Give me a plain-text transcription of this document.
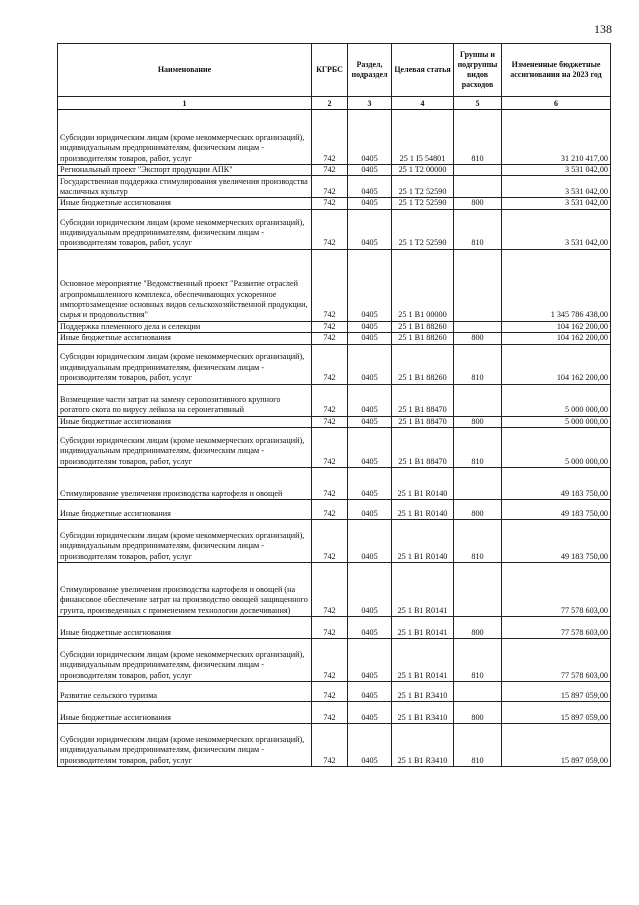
138
Наименование	КГРБС	Раздел, подраздел	Целевая статья	Группы и подгруппы видов расходов	Измененные бюджетные ассигнования на 2023 год
1	2	3	4	5	6
Субсидии юридическим лицам (кроме некоммерческих организаций), индивидуальным предпринимателям, физическим лицам - производителям товаров, работ, услуг	742	0405	25 1 I5 54801	810	31 210 417,00
Региональный проект "Экспорт продукции АПК"	742	0405	25 1 T2 00000		3 531 042,00
Государственная поддержка стимулирования увеличения производства масличных культур	742	0405	25 1 T2 52590		3 531 042,00
Иные бюджетные ассигнования	742	0405	25 1 T2 52590	800	3 531 042,00
Субсидии юридическим лицам (кроме некоммерческих организаций), индивидуальным предпринимателям, физическим лицам - производителям товаров, работ, услуг	742	0405	25 1 T2 52590	810	3 531 042,00
Основное мероприятие "Ведомственный проект "Развитие отраслей агропромышленного комплекса, обеспечивающих ускоренное импортозамещение основных видов сельскохозяйственной продукции, сырья и продовольствия"	742	0405	25 1 B1 00000		1 345 786 438,00
Поддержка племенного дела и селекции	742	0405	25 1 B1 88260		104 162 200,00
Иные бюджетные ассигнования	742	0405	25 1 B1 88260	800	104 162 200,00
Субсидии юридическим лицам (кроме некоммерческих организаций), индивидуальным предпринимателям, физическим лицам - производителям товаров, работ, услуг	742	0405	25 1 B1 88260	810	104 162 200,00
Возмещение части затрат на замену серопозитивного крупного рогатого скота по вирусу лейкоза на серонегативный	742	0405	25 1 B1 88470		5 000 000,00
Иные бюджетные ассигнования	742	0405	25 1 B1 88470	800	5 000 000,00
Субсидии юридическим лицам (кроме некоммерческих организаций), индивидуальным предпринимателям, физическим лицам - производителям товаров, работ, услуг	742	0405	25 1 B1 88470	810	5 000 000,00
Стимулирование увеличения производства картофеля и овощей	742	0405	25 1 B1 R0140		49 183 750,00
Иные бюджетные ассигнования	742	0405	25 1 B1 R0140	800	49 183 750,00
Субсидии юридическим лицам (кроме некоммерческих организаций), индивидуальным предпринимателям, физическим лицам - производителям товаров, работ, услуг	742	0405	25 1 B1 R0140	810	49 183 750,00
Стимулирование увеличения производства картофеля и овощей (на финансовое обеспечение затрат на производство овощей защищенного грунта, произведенных с применением технологии досвечивания)	742	0405	25 1 B1 R0141		77 578 603,00
Иные бюджетные ассигнования	742	0405	25 1 B1 R0141	800	77 578 603,00
Субсидии юридическим лицам (кроме некоммерческих организаций), индивидуальным предпринимателям, физическим лицам - производителям товаров, работ, услуг	742	0405	25 1 B1 R0141	810	77 578 603,00
Развитие сельского туризма	742	0405	25 1 B1 R3410		15 897 059,00
Иные бюджетные ассигнования	742	0405	25 1 B1 R3410	800	15 897 059,00
Субсидии юридическим лицам (кроме некоммерческих организаций), индивидуальным предпринимателям, физическим лицам - производителям товаров, работ, услуг	742	0405	25 1 B1 R3410	810	15 897 059,00
